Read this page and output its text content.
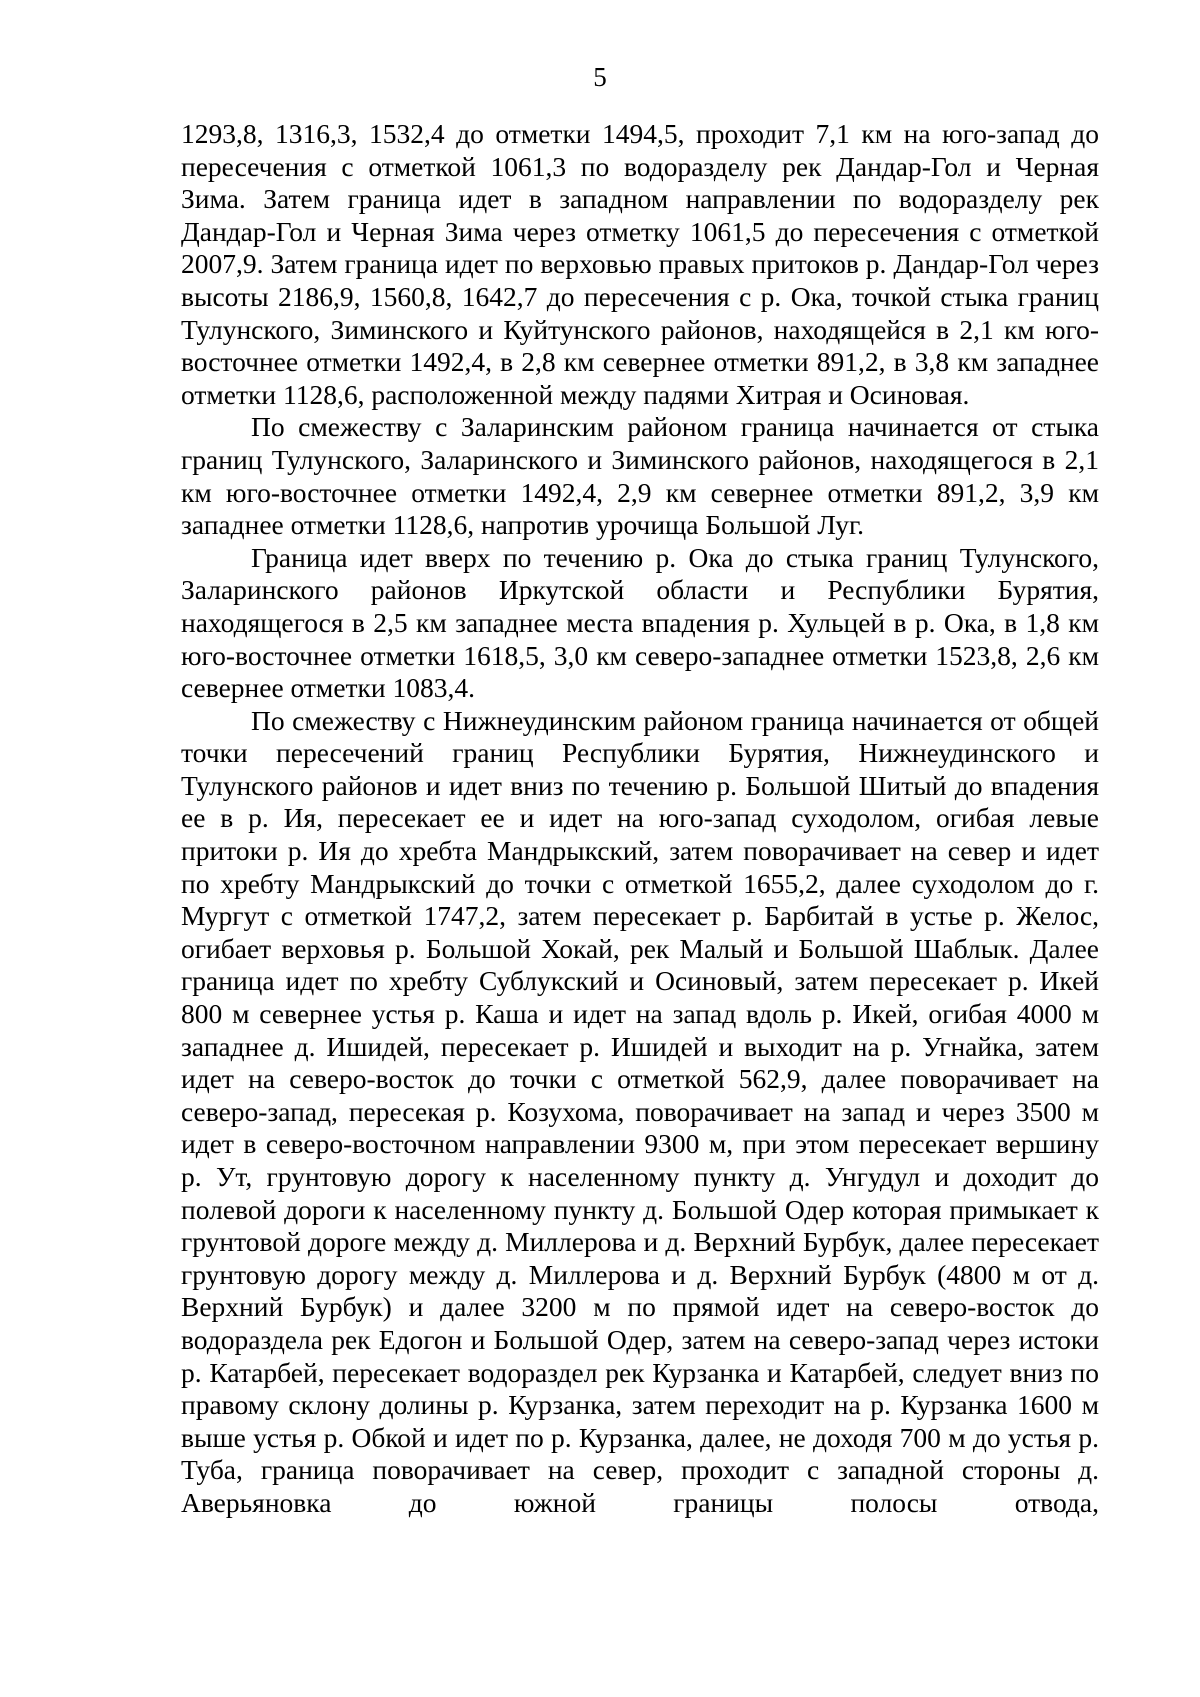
5

1293,8, 1316,3, 1532,4 до отметки 1494,5, проходит 7,1 км на юго-запад до пересечения с отметкой 1061,3 по водоразделу рек Дандар-Гол и Черная Зима. Затем граница идет в западном направлении по водоразделу рек Дандар-Гол и Черная Зима через отметку 1061,5 до пересечения с отметкой 2007,9. Затем граница идет по верховью правых притоков р. Дандар-Гол через высоты 2186,9, 1560,8, 1642,7 до пересечения с р. Ока, точкой стыка границ Тулунского, Зиминского и Куйтунского районов, находящейся в 2,1 км юго-восточнее отметки 1492,4, в 2,8 км севернее отметки 891,2, в 3,8 км западнее отметки 1128,6, расположенной между падями Хитрая и Осиновая.

По смежеству с Заларинским районом граница начинается от стыка границ Тулунского, Заларинского и Зиминского районов, находящегося в 2,1 км юго-восточнее отметки 1492,4, 2,9 км севернее отметки 891,2, 3,9 км западнее отметки 1128,6, напротив урочища Большой Луг.

Граница идет вверх по течению р. Ока до стыка границ Тулунского, Заларинского районов Иркутской области и Республики Бурятия, находящегося в 2,5 км западнее места впадения р. Хульцей в р. Ока, в 1,8 км юго-восточнее отметки 1618,5, 3,0 км северо-западнее отметки 1523,8, 2,6 км севернее отметки 1083,4.

По смежеству с Нижнеудинским районом граница начинается от общей точки пересечений границ Республики Бурятия, Нижнеудинского и Тулунского районов и идет вниз по течению р. Большой Шитый до впадения ее в р. Ия, пересекает ее и идет на юго-запад суходолом, огибая левые притоки р. Ия до хребта Мандрыкский, затем поворачивает на север и идет по хребту Мандрыкский до точки с отметкой 1655,2, далее суходолом до г. Мургут с отметкой 1747,2, затем пересекает р. Барбитай в устье р. Желос, огибает верховья р. Большой Хокай, рек Малый и Большой Шаблык. Далее граница идет по хребту Сублукский и Осиновый, затем пересекает р. Икей 800 м севернее устья р. Каша и идет на запад вдоль р. Икей, огибая 4000 м западнее д. Ишидей, пересекает р. Ишидей и выходит на р. Угнайка, затем идет на северо-восток до точки с отметкой 562,9, далее поворачивает на северо-запад, пересекая р. Козухома, поворачивает на запад и через 3500 м идет в северо-восточном направлении 9300 м, при этом пересекает вершину р. Ут, грунтовую дорогу к населенному пункту д. Унгудул и доходит до полевой дороги к населенному пункту д. Большой Одер которая примыкает к грунтовой дороге между д. Миллерова и д. Верхний Бурбук, далее пересекает грунтовую дорогу между д. Миллерова и д. Верхний Бурбук (4800 м от д. Верхний Бурбук) и далее 3200 м по прямой идет на северо-восток до водораздела рек Едогон и Большой Одер, затем на северо-запад через истоки р. Катарбей, пересекает водораздел рек Курзанка и Катарбей, следует вниз по правому склону долины р. Курзанка, затем переходит на р. Курзанка 1600 м выше устья р. Обкой и идет по р. Курзанка, далее, не доходя 700 м до устья р. Туба, граница поворачивает на север, проходит с западной стороны д. Аверьяновка до южной границы полосы отвода,
